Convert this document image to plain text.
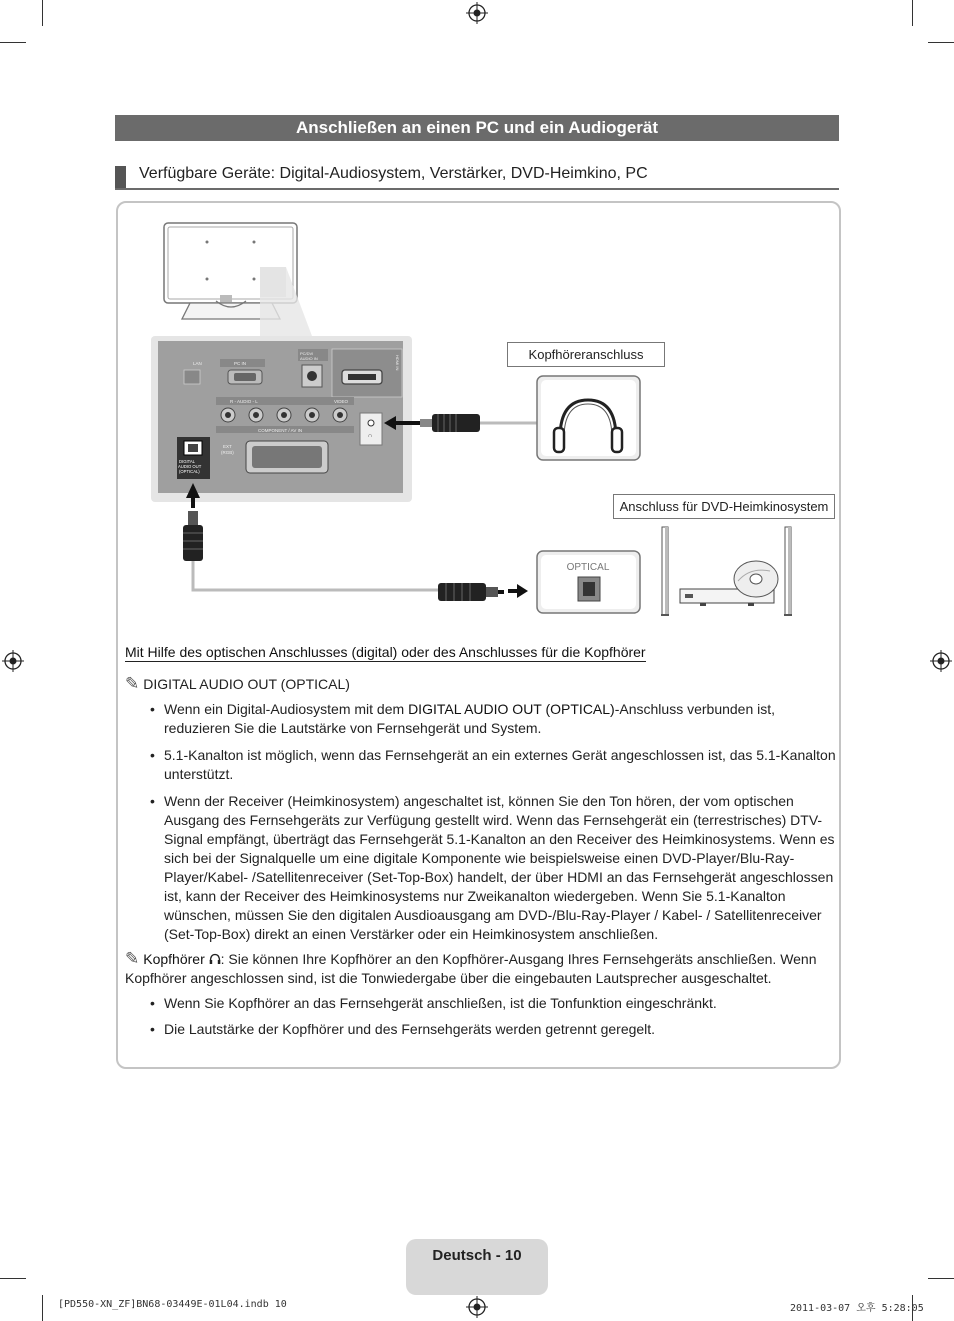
Anschließen an einen PC und ein Audiogerät
Verfügbare Geräte: Digital-Audiosystem, Verstärker, DVD-Heimkino, PC
LAN	PC IN
PC/DVI
AUDIO IN	HDMI IN
R - AUDIO - L	VIDEO
COMPONENT / AV IN
∩
EXT
(RGB)
DIGITAL
AUDIO OUT
(OPTICAL)
OPTICAL
Kopfhöreranschluss
Anschluss für DVD-Heimkinosystem
Mit Hilfe des optischen Anschlusses (digital) oder des Anschlusses für die Kopfhörer
✎ DIGITAL AUDIO OUT (OPTICAL)
• Wenn ein Digital-Audiosystem mit dem DIGITAL AUDIO OUT (OPTICAL)-Anschluss verbunden ist, reduzieren Sie die Lautstärke von Fernsehgerät und System.
• 5.1-Kanalton ist möglich, wenn das Fernsehgerät an ein externes Gerät angeschlossen ist, das 5.1-Kanalton unterstützt.
• Wenn der Receiver (Heimkinosystem) angeschaltet ist, können Sie den Ton hören, der vom optischen Ausgang des Fernsehgeräts zur Verfügung gestellt wird. Wenn das Fernsehgerät ein (terrestrisches) DTV-Signal empfängt, überträgt das Fernsehgerät 5.1-Kanalton an den Receiver des Heimkinosystems. Wenn es sich bei der Signalquelle um eine digitale Komponente wie beispielsweise einen DVD-Player/Blu-Ray-Player/Kabel- /Satellitenreceiver (Set-Top-Box) handelt, der über HDMI an das Fernsehgerät angeschlossen ist, kann der Receiver des Heimkinosystems nur Zweikanalton wiedergeben. Wenn Sie 5.1-Kanalton wünschen, müssen Sie den digitalen Ausdioausgang am DVD-/Blu-Ray-Player / Kabel- / Satellitenreceiver (Set-Top-Box) direkt an einen Verstärker oder ein Heimkinosystem anschließen.
✎ Kopfhörer : Sie können Ihre Kopfhörer an den Kopfhörer-Ausgang Ihres Fernsehgeräts anschließen. Wenn Kopfhörer angeschlossen sind, ist die Tonwiedergabe über die eingebauten Lautsprecher ausgeschaltet.
• Wenn Sie Kopfhörer an das Fernsehgerät anschließen, ist die Tonfunktion eingeschränkt.
• Die Lautstärke der Kopfhörer und des Fernsehgeräts werden getrennt geregelt.
Deutsch - 10
[PD550-XN_ZF]BN68-03449E-01L04.indb 10	2011-03-07 오후 5:28:05
